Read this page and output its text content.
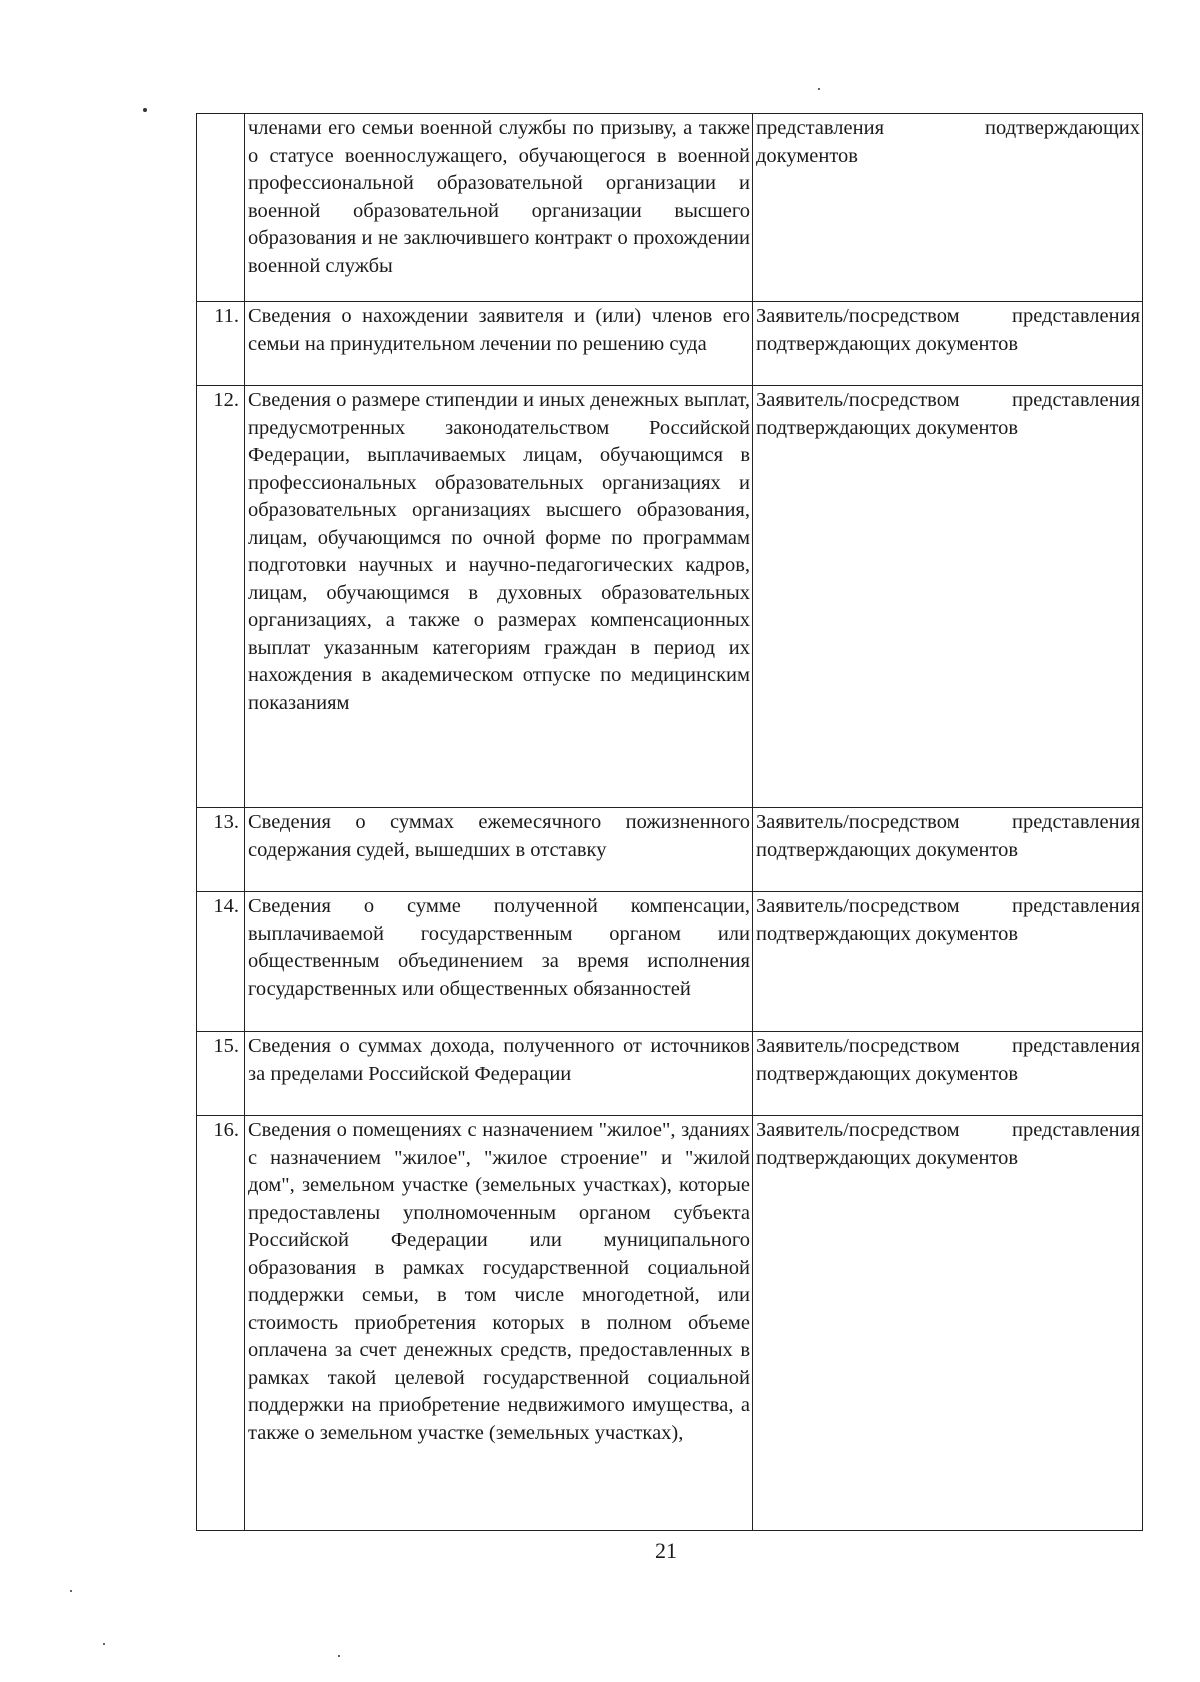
	членами его семьи военной службы по призыву, а также о статусе военнослужащего, обучающегося в военной профессиональной образовательной организации и военной образовательной организации высшего образования и не заключившего контракт о прохождении военной службы	представления подтверждающих документов
11.	Сведения о нахождении заявителя и (или) членов его семьи на принудительном лечении по решению суда	Заявитель/посредством представления подтверждающих документов
12.	Сведения о размере стипендии и иных денежных выплат, предусмотренных законодательством Российской Федерации, выплачиваемых лицам, обучающимся в профессиональных образовательных организациях и образовательных организациях высшего образования, лицам, обучающимся по очной форме по программам подготовки научных и научно-педагогических кадров, лицам, обучающимся в духовных образовательных организациях, а также о размерах компенсационных выплат указанным категориям граждан в период их нахождения в академическом отпуске по медицинским показаниям	Заявитель/посредством представления подтверждающих документов
13.	Сведения о суммах ежемесячного пожизненного содержания судей, вышедших в отставку	Заявитель/посредством представления подтверждающих документов
14.	Сведения о сумме полученной компенсации, выплачиваемой государственным органом или общественным объединением за время исполнения государственных или общественных обязанностей	Заявитель/посредством представления подтверждающих документов
15.	Сведения о суммах дохода, полученного от источников за пределами Российской Федерации	Заявитель/посредством представления подтверждающих документов
16.	Сведения о помещениях с назначением "жилое", зданиях с назначением "жилое", "жилое строение" и "жилой дом", земельном участке (земельных участках), которые предоставлены уполномоченным органом субъекта Российской Федерации или муниципального образования в рамках государственной социальной поддержки семьи, в том числе многодетной, или стоимость приобретения которых в полном объеме оплачена за счет денежных средств, предоставленных в рамках такой целевой государственной социальной поддержки на приобретение недвижимого имущества, а также о земельном участке (земельных участках),	Заявитель/посредством представления подтверждающих документов
21
